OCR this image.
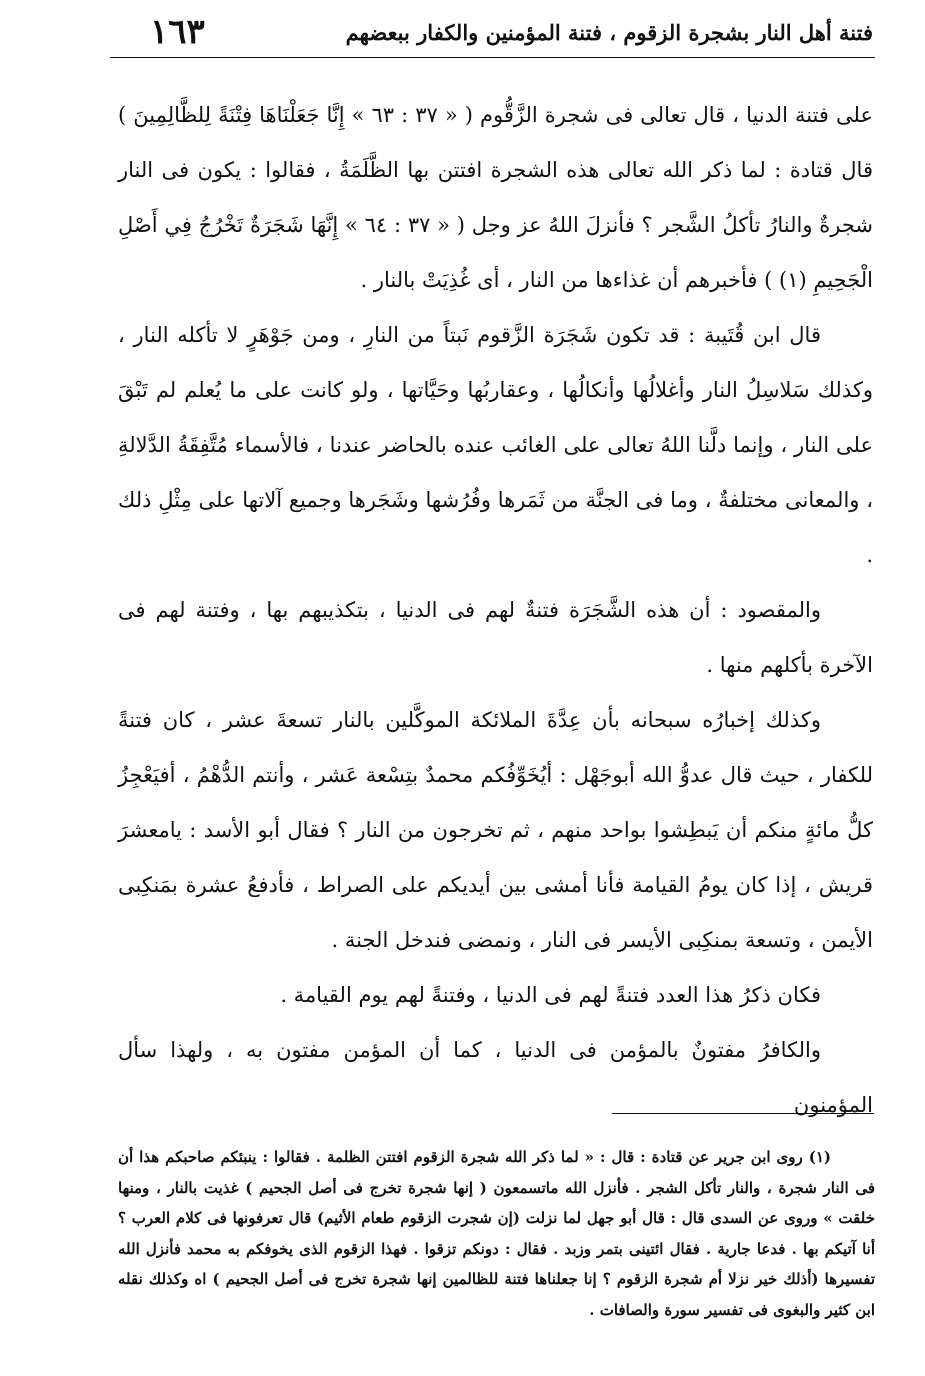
١٦٣	فتنة أهل النار بشجرة الزقوم ، فتنة المؤمنين والكفار ببعضهم

على فتنة الدنيا ، قال تعالى فى شجرة الزَّقُّوم ( « ٣٧ : ٦٣ » إِنَّا جَعَلْنَاهَا فِتْنَةً لِلظَّالِمِينَ ) قال قتادة : لما ذكر الله تعالى هذه الشجرة افتتن بها الظَّلَمَةُ ، فقالوا : يكون فى النار شجرةٌ والنارُ تأكلُ الشَّجر ؟ فأنزلَ اللهُ عز وجل ( « ٣٧ : ٦٤ » إِنَّهَا شَجَرَةٌ تَخْرُجُ فِي أَصْلِ الْجَحِيمِ (١) ) فأخبرهم أن غذاءها من النار ، أى غُذِيَتْ بالنار .

قال ابن قُتَيبة : قد تكون شَجَرَة الزَّقوم نَبتاً من النارِ ، ومن جَوْهَرٍ لا تأكله النار ، وكذلك سَلاسِلُ النار وأغلالُها وأنكالُها ، وعقاربُها وحَيَّاتها ، ولو كانت على ما يُعلم لم تَبْقَ على النار ، وإنما دلَّنا اللهُ تعالى على الغائب عنده بالحاضر عندنا ، فالأسماء مُتَّفِقَةُ الدَّلالةِ ، والمعانى مختلفةٌ ، وما فى الجنَّة من ثَمَرها وفُرُشها وشَجَرها وجميع آلاتها على مِثْلِ ذلك .

والمقصود : أن هذه الشَّجَرَة فتنةٌ لهم فى الدنيا ، بتكذيبهم بها ، وفتنة لهم فى الآخرة بأكلهم منها .

وكذلك إخبارُه سبحانه بأن عِدَّةَ الملائكة الموكَّلين بالنار تسعةَ عشر ، كان فتنةً للكفار ، حيث قال عدوُّ الله أبوجَهْل : أيُخَوِّفُكم محمدٌ بتِسْعة عَشر ، وأنتم الدُّهْمُ ، أفيَعْجِزُ كلُّ مائةٍ منكم أن يَبطِشوا بواحد منهم ، ثم تخرجون من النار ؟ فقال أبو الأسد : يامعشرَ قريش ، إذا كان يومُ القيامة فأنا أمشى بين أيديكم على الصراط ، فأدفعُ عشرة بمَنكِبى الأيمن ، وتسعة بمنكِبى الأيسر فى النار ، ونمضى فندخل الجنة .

فكان ذكرُ هذا العدد فتنةً لهم فى الدنيا ، وفتنةً لهم يوم القيامة .

والكافرُ مفتونٌ بالمؤمن فى الدنيا ، كما أن المؤمن مفتون به ، ولهذا سأل المؤمنون

(١) روى ابن جرير عن قتادة : قال : « لما ذكر الله شجرة الزقوم افتتن الظلمة . فقالوا : ينبئكم صاحبكم هذا أن فى النار شجرة ، والنار تأكل الشجر . فأنزل الله ماتسمعون ( إنها شجرة تخرج فى أصل الجحيم ) غذيت بالنار ، ومنها خلقت » وروى عن السدى قال : قال أبو جهل لما نزلت (إن شجرت الزقوم طعام الأثيم) قال تعرفونها فى كلام العرب ؟ أنا آتيكم بها . فدعا جارية . فقال ائتينى بتمر وزبد . فقال : دونكم تزقوا . فهذا الزقوم الذى يخوفكم به محمد فأنزل الله تفسيرها (أذلك خير نزلا أم شجرة الزقوم ؟ إنا جعلناها فتنة للظالمين إنها شجرة تخرج فى أصل الجحيم ) اه وكذلك نقله ابن كثير والبغوى فى تفسير سورة والصافات .
